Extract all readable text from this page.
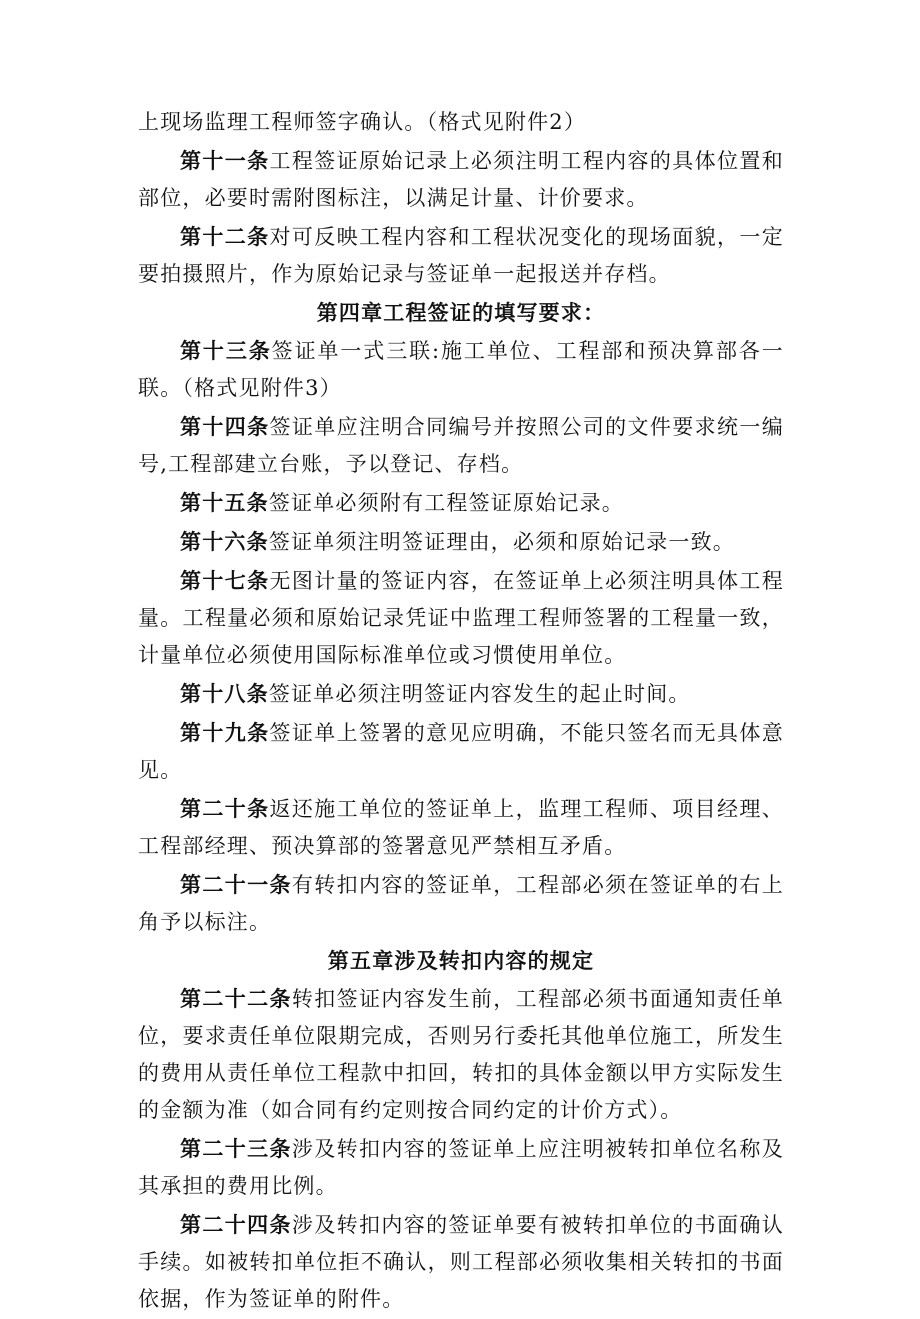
上现场监理工程师签字确认。（格式见附件2）

第十一条工程签证原始记录上必须注明工程内容的具体位置和部位，必要时需附图标注，以满足计量、计价要求。

第十二条对可反映工程内容和工程状况变化的现场面貌，一定要拍摄照片，作为原始记录与签证单一起报送并存档。

第四章工程签证的填写要求：

第十三条签证单一式三联:施工单位、工程部和预决算部各一联。（格式见附件3）

第十四条签证单应注明合同编号并按照公司的文件要求统一编号,工程部建立台账，予以登记、存档。

第十五条签证单必须附有工程签证原始记录。

第十六条签证单须注明签证理由，必须和原始记录一致。

第十七条无图计量的签证内容，在签证单上必须注明具体工程量。工程量必须和原始记录凭证中监理工程师签署的工程量一致，计量单位必须使用国际标准单位或习惯使用单位。

第十八条签证单必须注明签证内容发生的起止时间。

第十九条签证单上签署的意见应明确，不能只签名而无具体意见。

第二十条返还施工单位的签证单上，监理工程师、项目经理、工程部经理、预决算部的签署意见严禁相互矛盾。

第二十一条有转扣内容的签证单，工程部必须在签证单的右上角予以标注。

第五章涉及转扣内容的规定

第二十二条转扣签证内容发生前，工程部必须书面通知责任单位，要求责任单位限期完成，否则另行委托其他单位施工，所发生的费用从责任单位工程款中扣回，转扣的具体金额以甲方实际发生的金额为准（如合同有约定则按合同约定的计价方式）。

第二十三条涉及转扣内容的签证单上应注明被转扣单位名称及其承担的费用比例。

第二十四条涉及转扣内容的签证单要有被转扣单位的书面确认手续。如被转扣单位拒不确认，则工程部必须收集相关转扣的书面依据，作为签证单的附件。
